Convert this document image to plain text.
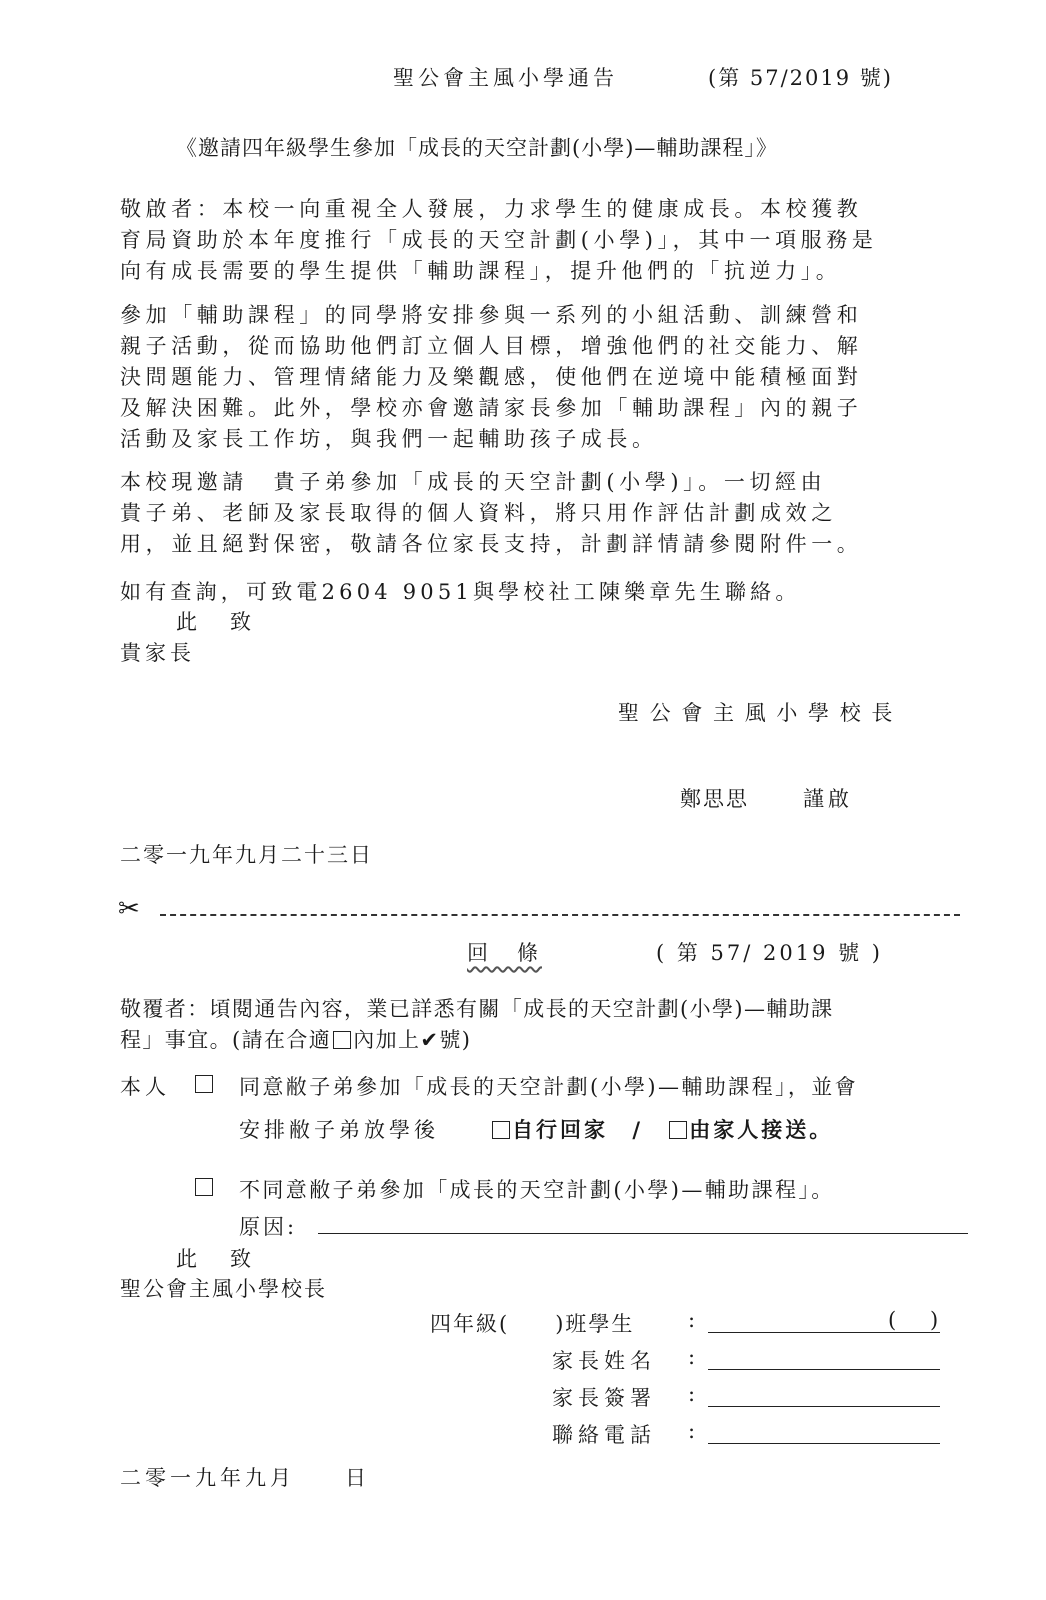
聖公會主風小學通告	(第 57/2019 號)
《邀請四年級學生參加「成長的天空計劃(小學)—輔助課程」》
敬啟者：本校一向重視全人發展，力求學生的健康成長。本校獲教
育局資助於本年度推行「成長的天空計劃(小學)」，其中一項服務是
向有成長需要的學生提供「輔助課程」，提升他們的「抗逆力」。
參加「輔助課程」的同學將安排參與一系列的小組活動、訓練營和
親子活動，從而協助他們訂立個人目標，增強他們的社交能力、解
決問題能力、管理情緒能力及樂觀感，使他們在逆境中能積極面對
及解決困難。此外，學校亦會邀請家長參加「輔助課程」內的親子
活動及家長工作坊，與我們一起輔助孩子成長。
本校現邀請　貴子弟參加「成長的天空計劃(小學)」。一切經由
貴子弟、老師及家長取得的個人資料，將只用作評估計劃成效之
用，並且絕對保密，敬請各位家長支持，計劃詳情請參閱附件一。
如有查詢，可致電2604 9051與學校社工陳樂章先生聯絡。
此　致
貴家長
聖 公 會 主 風 小 學 校 長
鄭思思	謹啟
二零一九年九月二十三日
✂
回　條	( 第 57/ 2019 號 )
敬覆者：頃閱通告內容，業已詳悉有關「成長的天空計劃(小學)—輔助課
程」事宜。(請在合適 內加上✔號)
本人	同意敝子弟參加「成長的天空計劃(小學)—輔助課程」，並會
安排敝子弟放學後	自行回家 / 由家人接送。
不同意敝子弟參加「成長的天空計劃(小學)—輔助課程」。
原因:
此　致
聖公會主風小學校長
四年級(　　)班學生	:	( )
家長姓名 :
家長簽署 :
聯絡電話 :
二零一九年九月　　日
